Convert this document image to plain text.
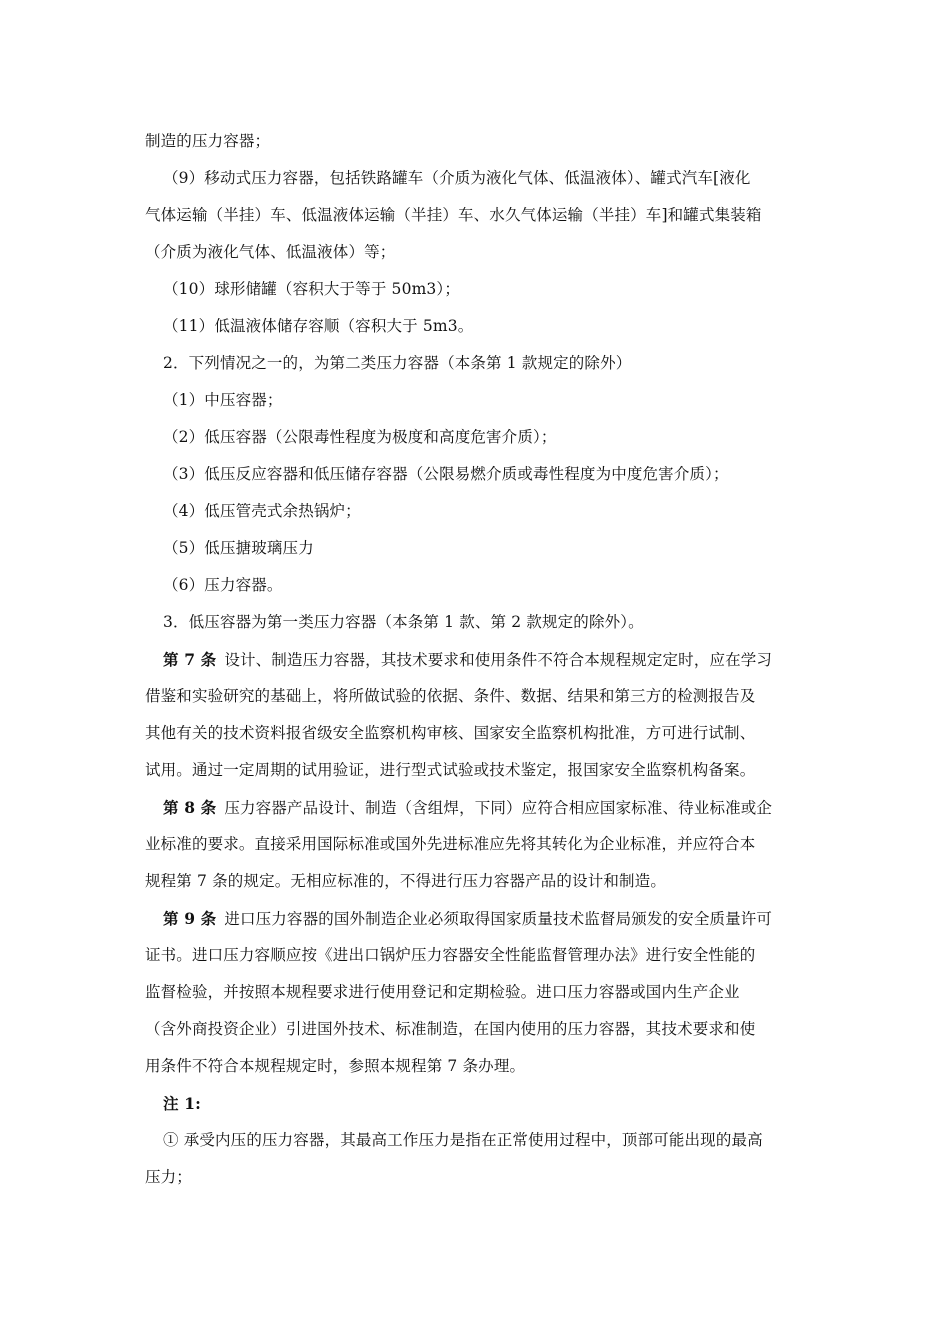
制造的压力容器；
（9）移动式压力容器，包括铁路罐车（介质为液化气体、低温液体）、罐式汽车[液化
气体运输（半挂）车、低温液体运输（半挂）车、水久气体运输（半挂）车]和罐式集装箱
（介质为液化气体、低温液体）等；
（10）球形储罐（容积大于等于 50m3）；
（11）低温液体储存容顺（容积大于 5m3。
2．下列情况之一的，为第二类压力容器（本条第 1 款规定的除外）
（1）中压容器；
（2）低压容器（公限毒性程度为极度和高度危害介质）；
（3）低压反应容器和低压储存容器（公限易燃介质或毒性程度为中度危害介质）；
（4）低压管壳式余热锅炉；
（5）低压搪玻璃压力
（6）压力容器。
3．低压容器为第一类压力容器（本条第 1 款、第 2 款规定的除外）。
第 7 条 设计、制造压力容器，其技术要求和使用条件不符合本规程规定定时，应在学习
借鉴和实验研究的基础上，将所做试验的依据、条件、数据、结果和第三方的检测报告及
其他有关的技术资料报省级安全监察机构审核、国家安全监察机构批准，方可进行试制、
试用。通过一定周期的试用验证，进行型式试验或技术鉴定，报国家安全监察机构备案。
第 8 条 压力容器产品设计、制造（含组焊，下同）应符合相应国家标准、待业标准或企
业标准的要求。直接采用国际标准或国外先进标准应先将其转化为企业标准，并应符合本
规程第 7 条的规定。无相应标准的，不得进行压力容器产品的设计和制造。
第 9 条 进口压力容器的国外制造企业必须取得国家质量技术监督局颁发的安全质量许可
证书。进口压力容顺应按《进出口锅炉压力容器安全性能监督管理办法》进行安全性能的
监督检验，并按照本规程要求进行使用登记和定期检验。进口压力容器或国内生产企业
（含外商投资企业）引进国外技术、标准制造，在国内使用的压力容器，其技术要求和使
用条件不符合本规程规定时，参照本规程第 7 条办理。
注 1:
① 承受内压的压力容器，其最高工作压力是指在正常使用过程中，顶部可能出现的最高
压力；
